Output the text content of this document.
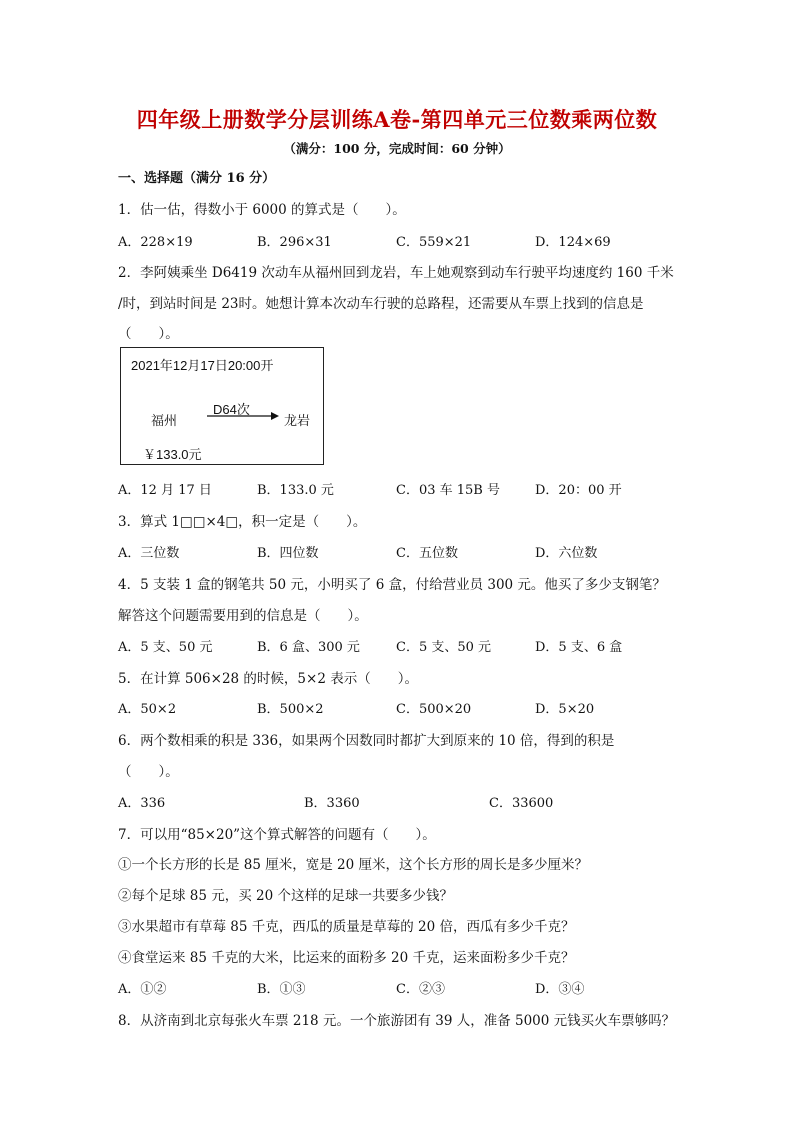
四年级上册数学分层训练A卷-第四单元三位数乘两位数
（满分：100 分，完成时间：60 分钟）
一、选择题（满分 16 分）
1．估一估，得数小于 6000 的算式是（　　）。
A．228×19	B．296×31	C．559×21	D．124×69
2．李阿姨乘坐 D6419 次动车从福州回到龙岩，车上她观察到动车行驶平均速度约 160 千米
/时，到站时间是 23时。她想计算本次动车行驶的总路程，还需要从车票上找到的信息是
（　　）。
2021年12月17日20:00开
D64次
福州	龙岩
￥133.0元
A．12 月 17 日	B．133.0 元	C．03 车 15B 号	D．20：00 开
3．算式 1□□×4□，积一定是（　　）。
A．三位数	B．四位数	C．五位数	D．六位数
4．5 支装 1 盒的钢笔共 50 元，小明买了 6 盒，付给营业员 300 元。他买了多少支钢笔？
解答这个问题需要用到的信息是（　　）。
A．5 支、50 元	B．6 盒、300 元	C．5 支、50 元	D．5 支、6 盒
5．在计算 506×28 的时候，5×2 表示（　　）。
A．50×2	B．500×2	C．500×20	D．5×20
6．两个数相乘的积是 336，如果两个因数同时都扩大到原来的 10 倍，得到的积是
（　　）。
A．336	B．3360	C．33600
7．可以用“85×20”这个算式解答的问题有（　　）。
①一个长方形的长是 85 厘米，宽是 20 厘米，这个长方形的周长是多少厘米？
②每个足球 85 元，买 20 个这样的足球一共要多少钱？
③水果超市有草莓 85 千克，西瓜的质量是草莓的 20 倍，西瓜有多少千克？
④食堂运来 85 千克的大米，比运来的面粉多 20 千克，运来面粉多少千克？
A．①②	B．①③	C．②③	D．③④
8．从济南到北京每张火车票 218 元。一个旅游团有 39 人，准备 5000 元钱买火车票够吗？
